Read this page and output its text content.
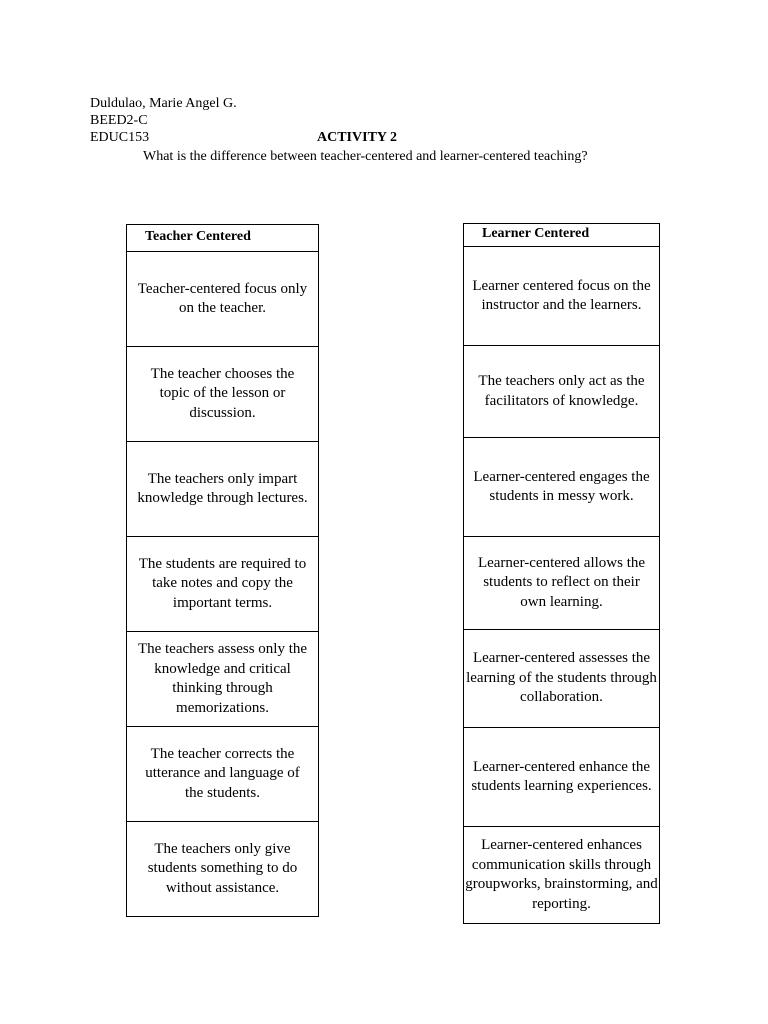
Duldulao, Marie Angel G.
BEED2-C
EDUC153	ACTIVITY 2
What is the difference between teacher-centered and learner-centered teaching?
Teacher Centered
Teacher-centered focus only on the teacher.
The teacher chooses the topic of the lesson or discussion.
The teachers only impart knowledge through lectures.
The students are required to take notes and copy the important terms.
The teachers assess only the knowledge and critical thinking through memorizations.
The teacher corrects the utterance and language of the students.
The teachers only give students something to do without assistance.
Learner Centered
Learner centered focus on the instructor and the learners.
The teachers only act as the facilitators of knowledge.
Learner-centered engages the students in messy work.
Learner-centered allows the students to reflect on their own learning.
Learner-centered assesses the learning of the students through collaboration.
Learner-centered enhance the students learning experiences.
Learner-centered enhances communication skills through groupworks, brainstorming, and reporting.
